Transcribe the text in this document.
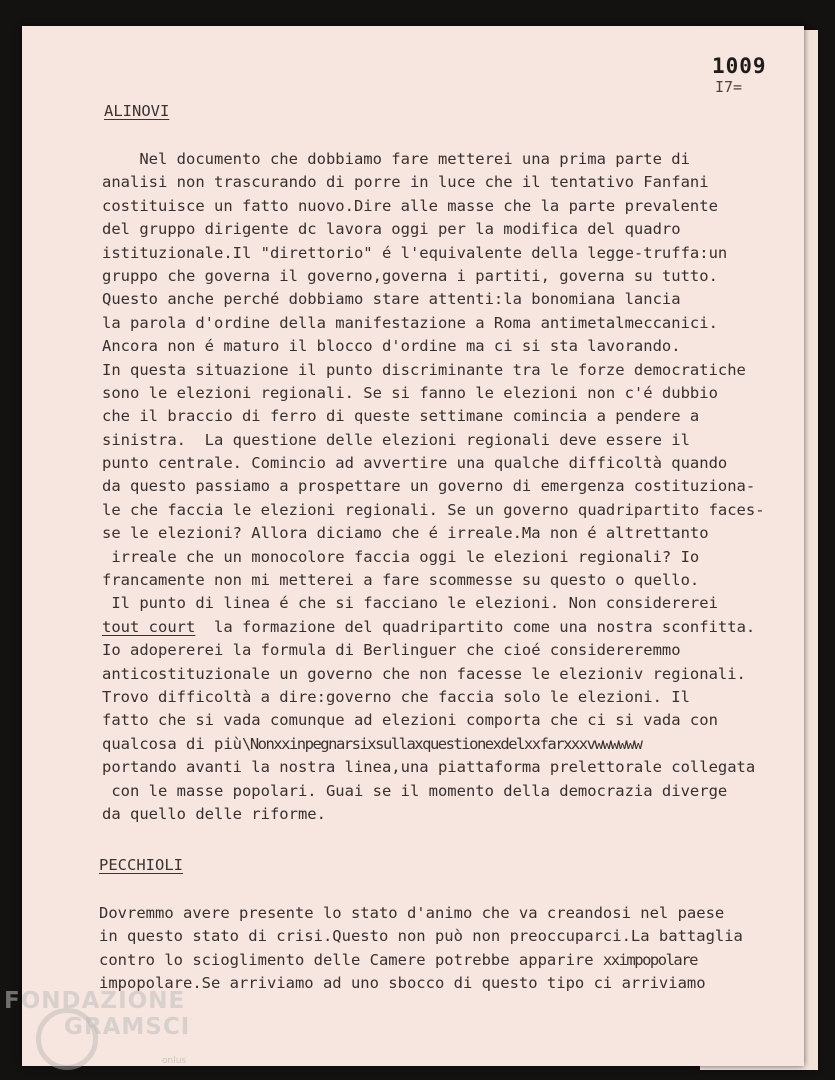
1009
I7=
ALINOVI
Nel documento che dobbiamo fare metterei una prima parte di
analisi non trascurando di porre in luce che il tentativo Fanfani
costituisce un fatto nuovo.Dire alle masse che la parte prevalente
del gruppo dirigente dc lavora oggi per la modifica del quadro
istituzionale.Il "direttorio" é l'equivalente della legge-truffa:un
gruppo che governa il governo,governa i partiti, governa su tutto.
Questo anche perché dobbiamo stare attenti:la bonomiana lancia
la parola d'ordine della manifestazione a Roma antimetalmeccanici.
Ancora non é maturo il blocco d'ordine ma ci si sta lavorando.
In questa situazione il punto discriminante tra le forze democratiche
sono le elezioni regionali. Se si fanno le elezioni non c'é dubbio
che il braccio di ferro di queste settimane comincia a pendere a
sinistra.  La questione delle elezioni regionali deve essere il
punto centrale. Comincio ad avvertire una qualche difficoltà quando
da questo passiamo a prospettare un governo di emergenza costituziona-
le che faccia le elezioni regionali. Se un governo quadripartito faces-
se le elezioni? Allora diciamo che é irreale.Ma non é altrettanto
irreale che un monocolore faccia oggi le elezioni regionali? Io
francamente non mi metterei a fare scommesse su questo o quello.
Il punto di linea é che si facciano le elezioni. Non considererei
tout court  la formazione del quadripartito come una nostra sconfitta.
Io adopererei la formula di Berlinguer che cioé considereremmo
anticostituzionale un governo che non facesse le elezioniv regionali.
Trovo difficoltà a dire:governo che faccia solo le elezioni. Il
fatto che si vada comunque ad elezioni comporta che ci si vada con
qualcosa di più\Nonxxinpegnarsixsullaxquestionexdelxxfarxxxvwwwwww
portando avanti la nostra linea,una piattaforma prelettorale collegata
con le masse popolari. Guai se il momento della democrazia diverge
da quello delle riforme.
PECCHIOLI
Dovremmo avere presente lo stato d'animo che va creandosi nel paese
in questo stato di crisi.Questo non può non preoccuparci.La battaglia
contro lo scioglimento delle Camere potrebbe apparire xximpopolare
impopolare.Se arriviamo ad uno sbocco di questo tipo ci arriviamo
FONDAZIONE
GRAMSCI
onlus
